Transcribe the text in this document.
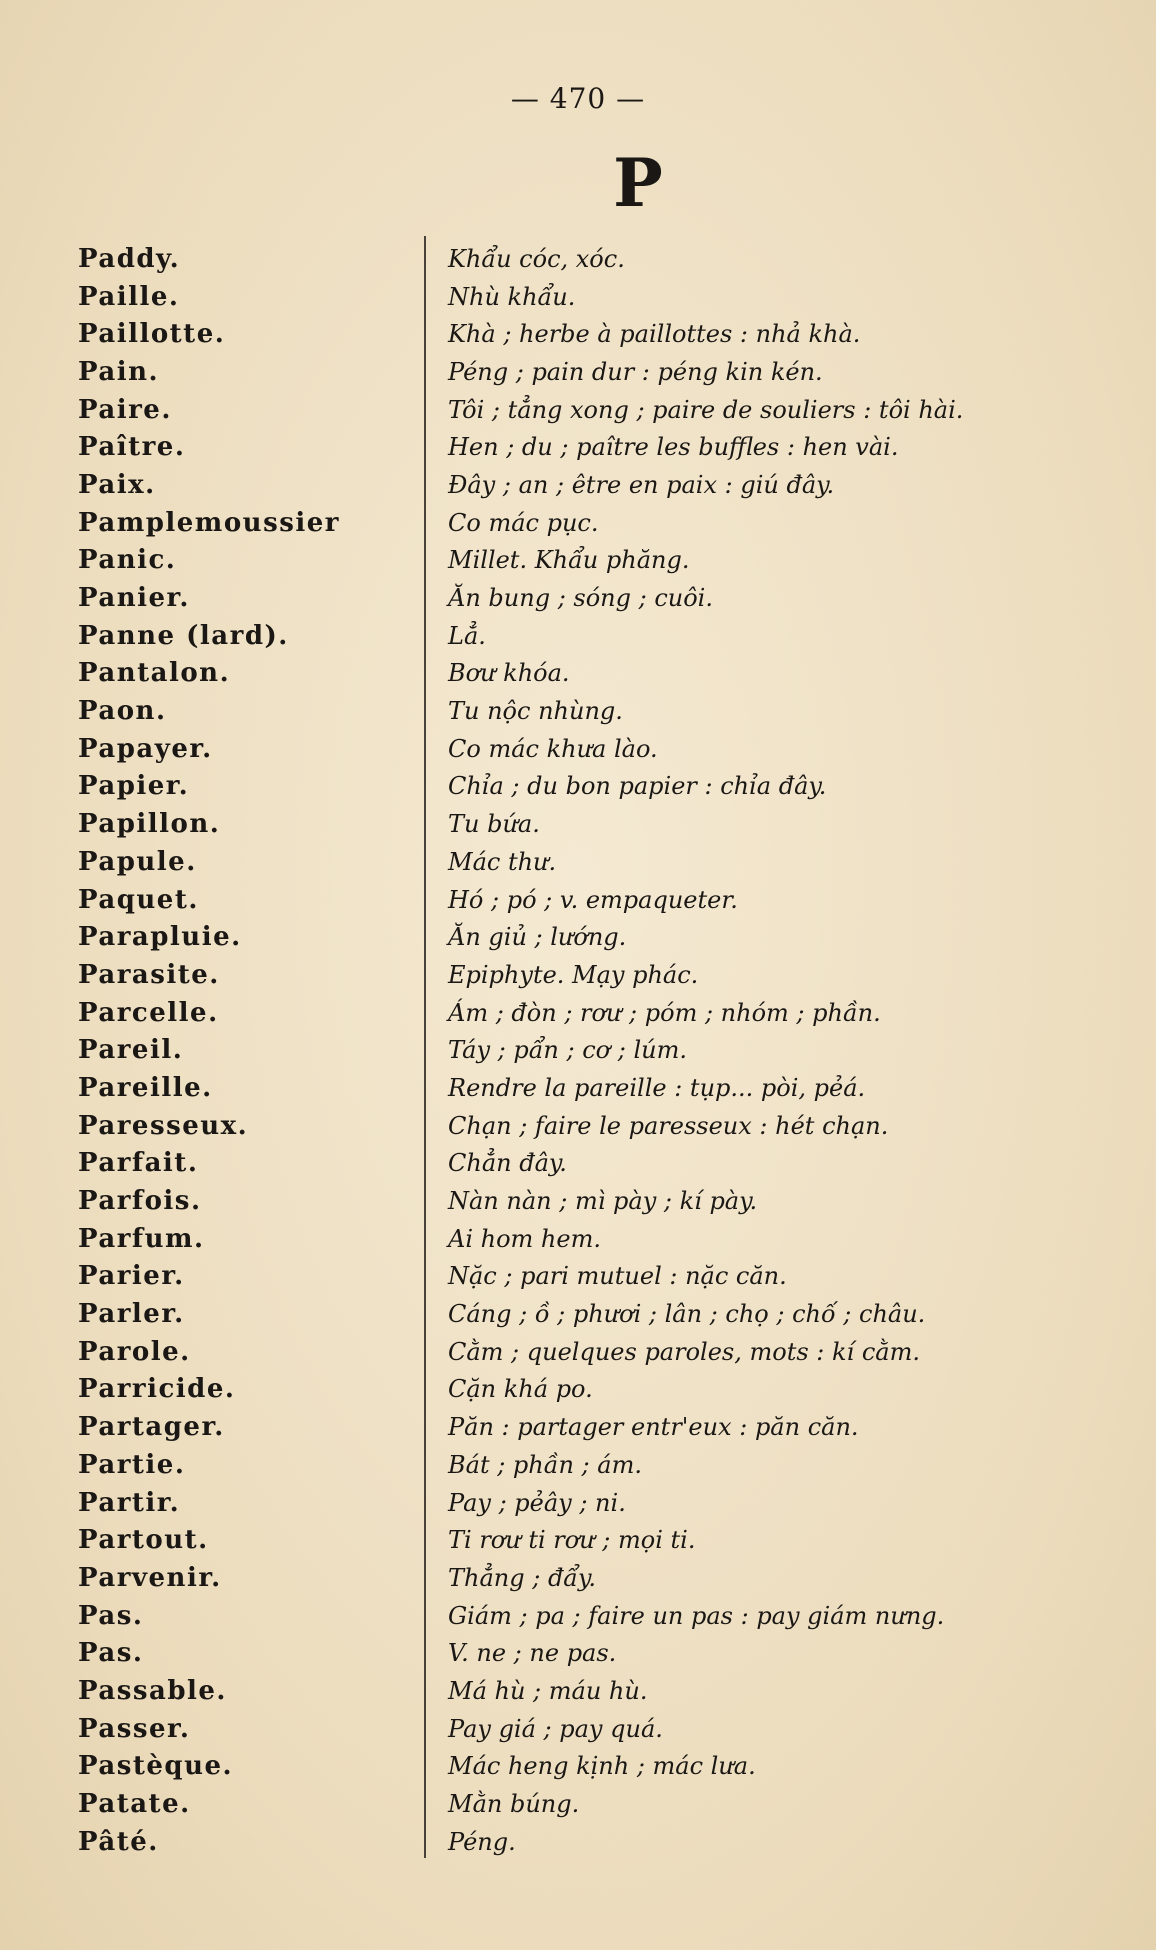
— 470 —
P
Paddy.	Khẩu cóc, xóc.
Paille.	Nhù khẩu.
Paillotte.	Khà ; herbe à paillottes : nhả khà.
Pain.	Péng ; pain dur : péng kin kén.
Paire.	Tôi ; tẳng xong ; paire de souliers : tôi hài.
Paître.	Hen ; du ; paître les buffles : hen vài.
Paix.	Đây ; an ; être en paix : giú đây.
Pamplemoussier	Co mác pục.
Panic.	Millet. Khẩu phăng.
Panier.	Ăn bung ; sóng ; cuôi.
Panne (lard).	Lẳ.
Pantalon.	Bơư khóa.
Paon.	Tu nộc nhùng.
Papayer.	Co mác khưa lào.
Papier.	Chỉa ; du bon papier : chỉa đây.
Papillon.	Tu bứa.
Papule.	Mác thư.
Paquet.	Hó ; pó ; v. empaqueter.
Parapluie.	Ăn giủ ; lướng.
Parasite.	Epiphyte. Mạy phác.
Parcelle.	Ám ; đòn ; rơư ; póm ; nhóm ; phần.
Pareil.	Táy ; pẩn ; cơ ; lúm.
Pareille.	Rendre la pareille : tụp... pòi, pẻá.
Paresseux.	Chạn ; faire le paresseux : hét chạn.
Parfait.	Chẳn đây.
Parfois.	Nàn nàn ; mì pày ; kí pày.
Parfum.	Ai hom hem.
Parier.	Nặc ; pari mutuel : nặc căn.
Parler.	Cáng ; ồ ; phươi ; lân ; chọ ; chố ; châu.
Parole.	Cằm ; quelques paroles, mots : kí cằm.
Parricide.	Cặn khá po.
Partager.	Păn : partager entr'eux : păn căn.
Partie.	Bát ; phần ; ám.
Partir.	Pay ; pẻây ; ni.
Partout.	Ti rơư ti rơư ; mọi ti.
Parvenir.	Thẳng ; đẩy.
Pas.	Giám ; pa ; faire un pas : pay giám nưng.
Pas.	V. ne ; ne pas.
Passable.	Má hù ; máu hù.
Passer.	Pay giá ; pay quá.
Pastèque.	Mác heng kịnh ; mác lưa.
Patate.	Mằn búng.
Pâté.	Péng.
